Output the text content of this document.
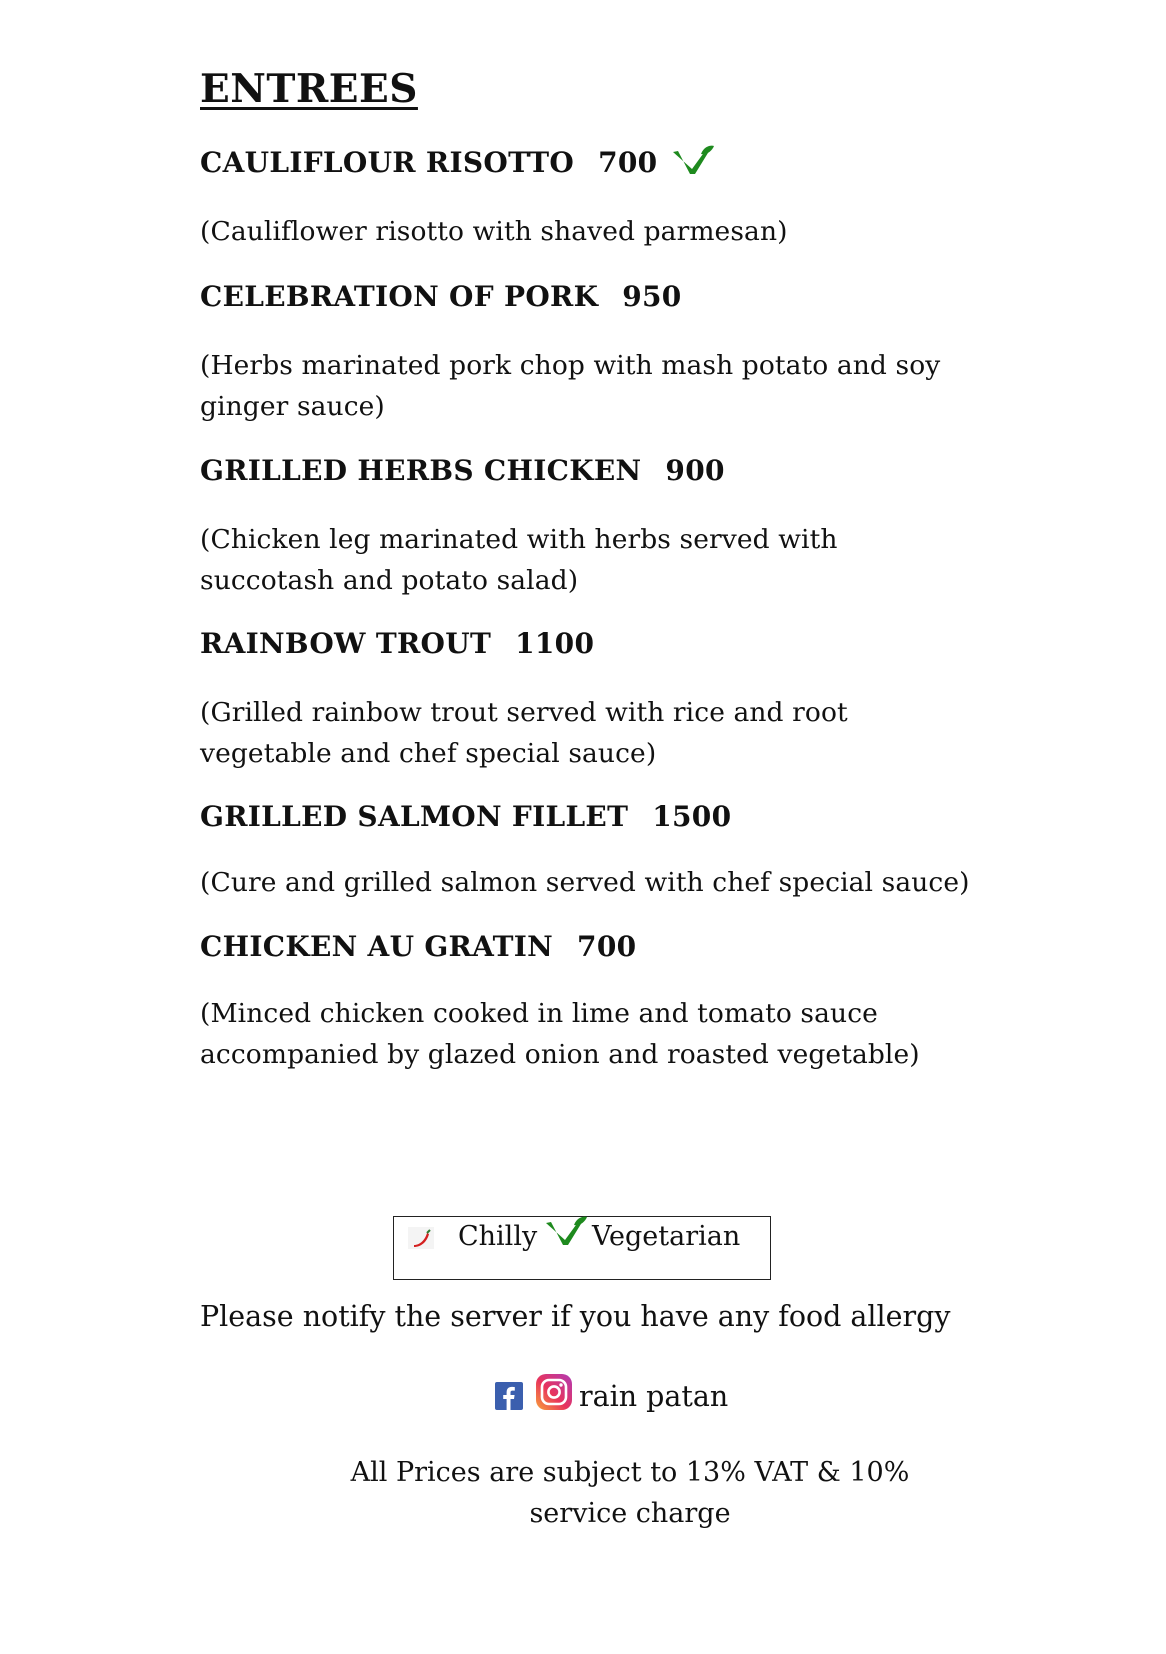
ENTREES
CAULIFLOUR RISOTTO 700

(Cauliflower risotto with shaved parmesan)

CELEBRATION OF PORK 950

(Herbs marinated pork chop with mash potato and soy ginger sauce)

GRILLED HERBS CHICKEN 900

(Chicken leg marinated with herbs served with succotash and potato salad)

RAINBOW TROUT 1100

(Grilled rainbow trout served with rice and root vegetable and chef special sauce)

GRILLED SALMON FILLET 1500

(Cure and grilled salmon served with chef special sauce)

CHICKEN AU GRATIN 700

(Minced chicken cooked in lime and tomato sauce accompanied by glazed onion and roasted vegetable)

Chilly Vegetarian

Please notify the server if you have any food allergy

rain patan

All Prices are subject to 13% VAT & 10% service charge
